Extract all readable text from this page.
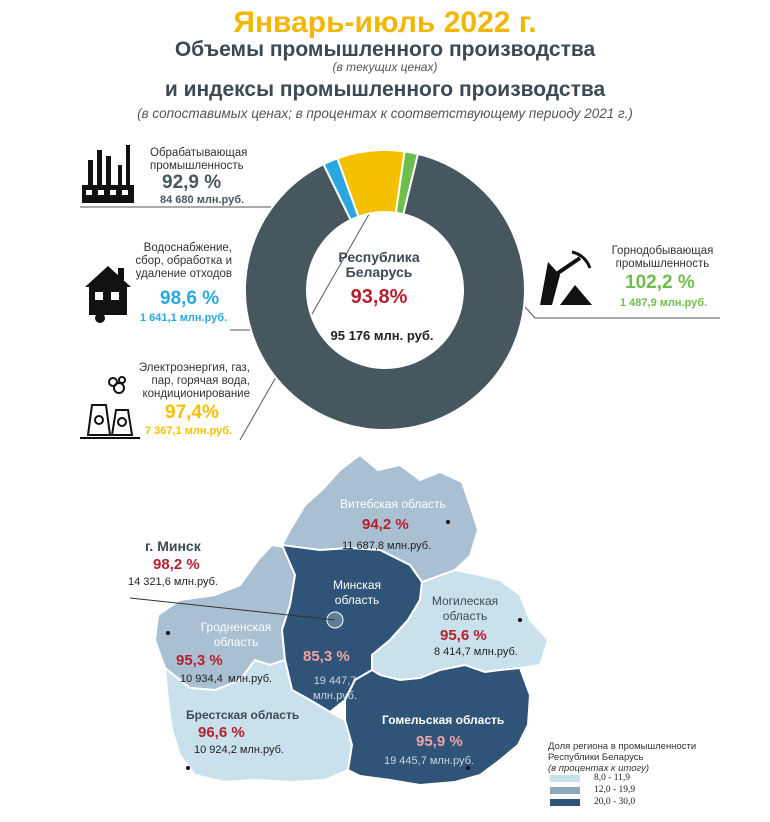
Январь-июль 2022 г.
Объемы промышленного производства
(в текущих ценах)
и индексы промышленного производства
(в сопоставимых ценах; в процентах к соответствующему периоду 2021 г.)
Республика
Беларусь
93,8%
95 176 млн. руб.
Обрабатывающая
промышленность
92,9 %
84 680 млн.руб.
Водоснабжение,
сбор, обработка и
удаление отходов
98,6 %
1 641,1 млн.руб.
Электроэнергия, газ,
пар, горячая вода,
кондиционирование
97,4%
7 367,1 млн.руб.
Горнодобывающая
промышленность
102,2 %
1 487,9 млн.руб.
Витебская область
94,2 %
11 687,8 млн.руб.
г. Минск
98,2 %
14 321,6 млн.руб.	Минская
область
85,3 %
19 447,7
млн.руб.
Могилеская
область
95,6 %
8 414,7 млн.руб.
Гродненская
область
95,3 %
10 934,4 млн.руб.
Брестская область
96,6 %
10 924,2 млн.руб.
Гомельская область
95,9 %
19 445,7 млн.руб.
Доля региона в промышленности
Республики Беларусь
(в процентах к итогу)
8,0 - 11,9
12,0 - 19,9
20,0 - 30,0
